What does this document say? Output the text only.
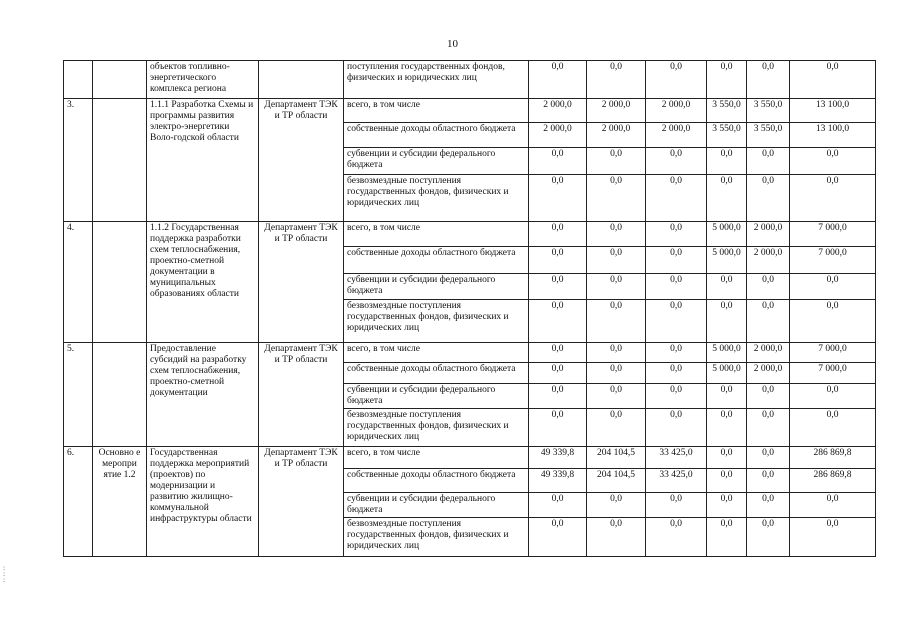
10
		объектов топливно-энергетического комплекса региона		поступления государственных фондов, физических и юридических лиц	0,0	0,0	0,0	0,0	0,0	0,0
3.		1.1.1 Разработка Схемы и программы развития электро-энергетики Воло-годской области	Департамент ТЭК и ТР области	всего, в том числе	2 000,0	2 000,0	2 000,0	3 550,0	3 550,0	13 100,0
				собственные доходы областного бюджета	2 000,0	2 000,0	2 000,0	3 550,0	3 550,0	13 100,0
				субвенции и субсидии федерального бюджета	0,0	0,0	0,0	0,0	0,0	0,0
				безвозмездные поступления государственных фондов, физических и юридических лиц	0,0	0,0	0,0	0,0	0,0	0,0
4.		1.1.2 Государственная поддержка разработки схем теплоснабжения, проектно-сметной документации в муниципальных образованиях области	Департамент ТЭК и ТР области	всего, в том числе	0,0	0,0	0,0	5 000,0	2 000,0	7 000,0
				собственные доходы областного бюджета	0,0	0,0	0,0	5 000,0	2 000,0	7 000,0
				субвенции и субсидии федерального бюджета	0,0	0,0	0,0	0,0	0,0	0,0
				безвозмездные поступления государственных фондов, физических и юридических лиц	0,0	0,0	0,0	0,0	0,0	0,0
5.		Предоставление субсидий на разработку схем теплоснабжения, проектно-сметной документации	Департамент ТЭК и ТР области	всего, в том числе	0,0	0,0	0,0	5 000,0	2 000,0	7 000,0
				собственные доходы областного бюджета	0,0	0,0	0,0	5 000,0	2 000,0	7 000,0
				субвенции и субсидии федерального бюджета	0,0	0,0	0,0	0,0	0,0	0,0
				безвозмездные поступления государственных фондов, физических и юридических лиц	0,0	0,0	0,0	0,0	0,0	0,0
6.	Основно е меропри ятие 1.2	Государственная поддержка мероприятий (проектов) по модернизации и развитию жилищно-коммунальной инфраструктуры области	Департамент ТЭК и ТР области	всего, в том числе	49 339,8	204 104,5	33 425,0	0,0	0,0	286 869,8
				собственные доходы областного бюджета	49 339,8	204 104,5	33 425,0	0,0	0,0	286 869,8
				субвенции и субсидии федерального бюджета	0,0	0,0	0,0	0,0	0,0	0,0
				безвозмездные поступления государственных фондов, физических и юридических лиц	0,0	0,0	0,0	0,0	0,0	0,0
:
:
:
